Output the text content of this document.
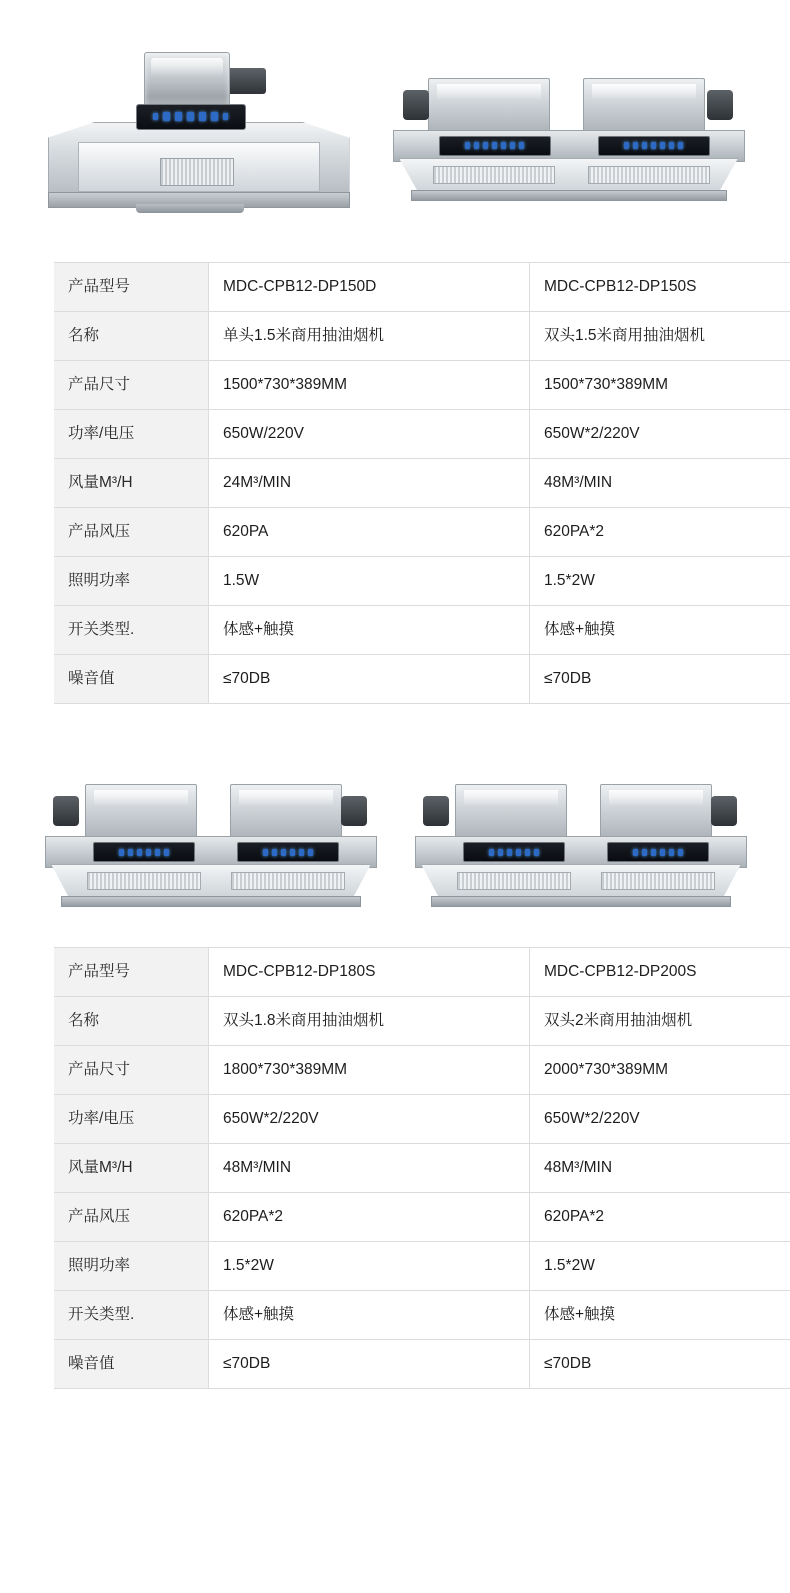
产品型号	MDC-CPB12-DP150D	MDC-CPB12-DP150S
名称	单头1.5米商用抽油烟机	双头1.5米商用抽油烟机
产品尺寸	1500*730*389MM	1500*730*389MM
功率/电压	650W/220V	650W*2/220V
风量M³/H	24M³/MIN	48M³/MIN
产品风压	620PA	620PA*2
照明功率	1.5W	1.5*2W
开关类型.	体感+触摸	体感+触摸
噪音值	≤70DB	≤70DB
产品型号	MDC-CPB12-DP180S	MDC-CPB12-DP200S
名称	双头1.8米商用抽油烟机	双头2米商用抽油烟机
产品尺寸	1800*730*389MM	2000*730*389MM
功率/电压	650W*2/220V	650W*2/220V
风量M³/H	48M³/MIN	48M³/MIN
产品风压	620PA*2	620PA*2
照明功率	1.5*2W	1.5*2W
开关类型.	体感+触摸	体感+触摸
噪音值	≤70DB	≤70DB
